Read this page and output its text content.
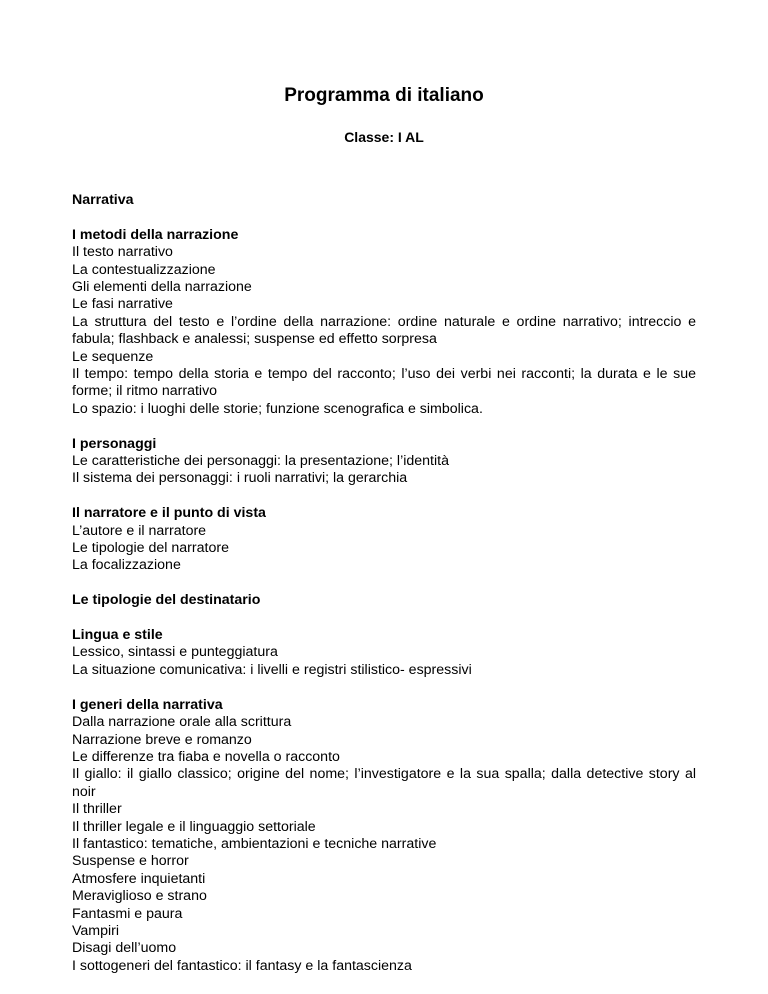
Programma di italiano
Classe: I AL

Narrativa

I metodi della narrazione

Il testo narrativo

La contestualizzazione

Gli elementi della narrazione

Le fasi narrative

La struttura del testo e l’ordine della narrazione: ordine naturale e ordine narrativo; intreccio e fabula; flashback e analessi; suspense ed effetto sorpresa

Le sequenze

Il tempo: tempo della storia e tempo del racconto; l’uso dei verbi nei racconti; la durata e le sue forme; il ritmo narrativo

Lo spazio: i luoghi delle storie; funzione scenografica e simbolica.

I personaggi

Le caratteristiche dei personaggi: la presentazione; l’identità

Il sistema dei personaggi: i ruoli narrativi; la gerarchia

Il narratore e il punto di vista

L’autore e il narratore

Le tipologie del narratore

La focalizzazione

Le tipologie del destinatario

Lingua e stile

Lessico, sintassi e punteggiatura

La situazione comunicativa: i livelli e registri stilistico- espressivi

I generi della narrativa

Dalla narrazione orale alla scrittura

Narrazione breve e romanzo

Le differenze tra fiaba e novella o racconto

Il giallo: il giallo classico; origine del nome; l’investigatore e la sua spalla; dalla detective story al noir

Il thriller

Il thriller legale e il linguaggio settoriale

Il fantastico: tematiche, ambientazioni e tecniche narrative

Suspense e horror

Atmosfere inquietanti

Meraviglioso e strano

Fantasmi e paura

Vampiri

Disagi dell’uomo

I sottogeneri del fantastico: il fantasy e la fantascienza
